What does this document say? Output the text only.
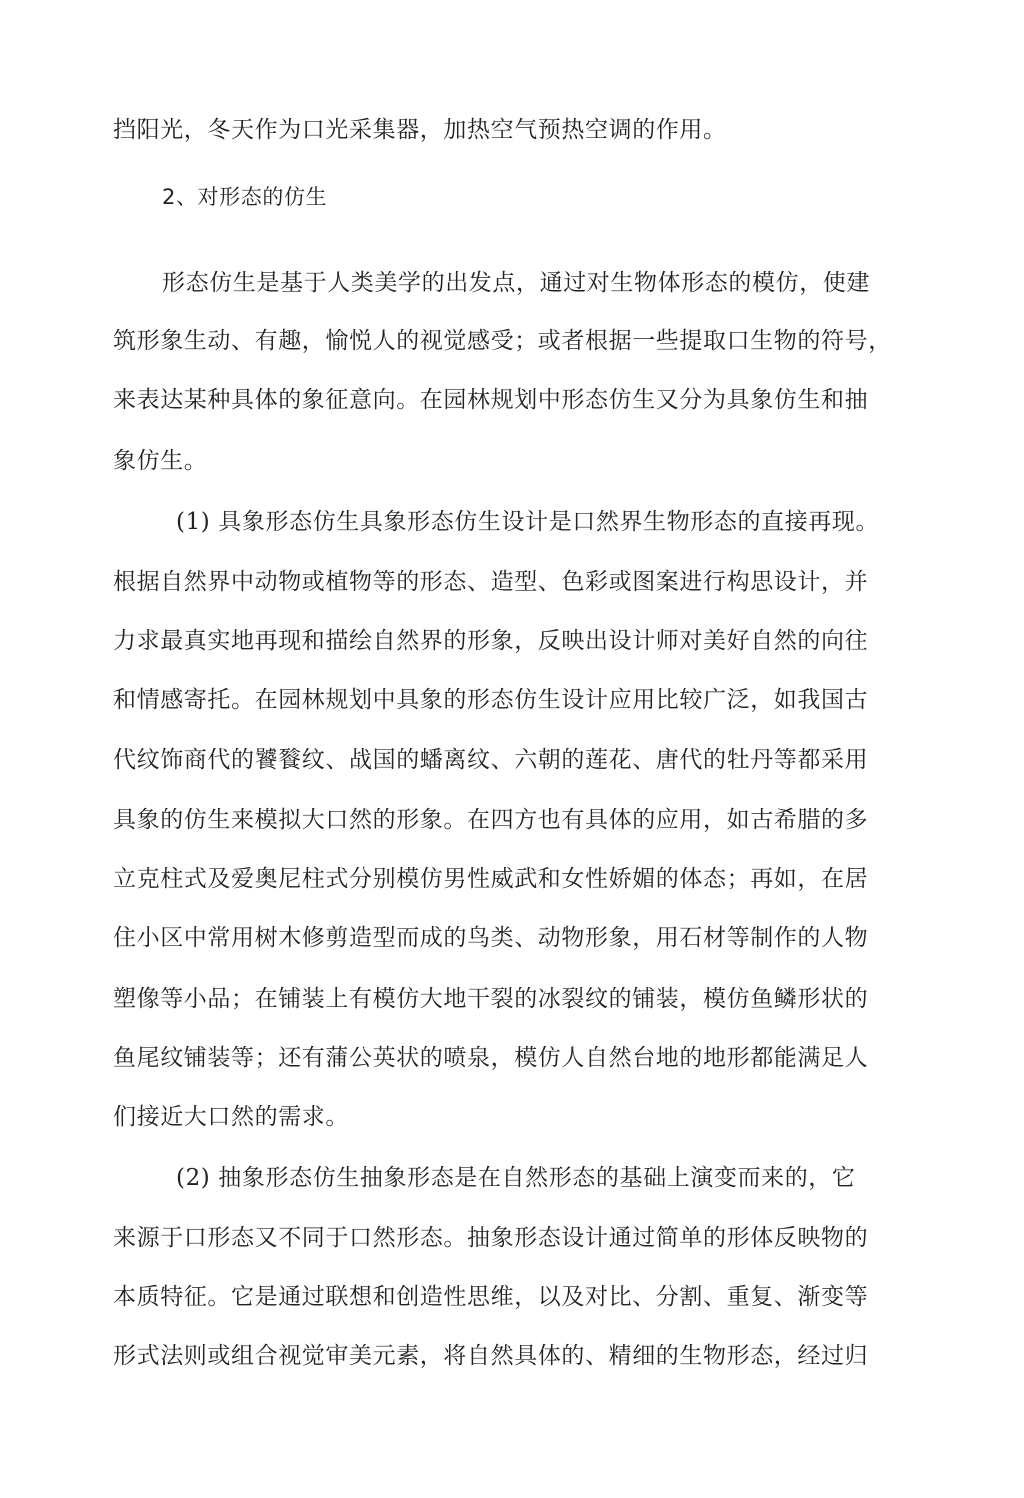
挡阳光，冬天作为口光采集器，加热空气预热空调的作用。
2、对形态的仿生
形态仿生是基于人类美学的出发点，通过对生物体形态的模仿，使建
筑形象生动、有趣，愉悦人的视觉感受；或者根据一些提取口生物的符号，
来表达某种具体的象征意向。在园林规划中形态仿生又分为具象仿生和抽
象仿生。
(1) 具象形态仿生具象形态仿生设计是口然界生物形态的直接再现。
根据自然界中动物或植物等的形态、造型、色彩或图案进行构思设计，并
力求最真实地再现和描绘自然界的形象，反映出设计师对美好自然的向往
和情感寄托。在园林规划中具象的形态仿生设计应用比较广泛，如我国古
代纹饰商代的饕餮纹、战国的蟠离纹、六朝的莲花、唐代的牡丹等都采用
具象的仿生来模拟大口然的形象。在四方也有具体的应用，如古希腊的多
立克柱式及爱奥尼柱式分别模仿男性威武和女性娇媚的体态；再如，在居
住小区中常用树木修剪造型而成的鸟类、动物形象，用石材等制作的人物
塑像等小品；在铺装上有模仿大地干裂的冰裂纹的铺装，模仿鱼鳞形状的
鱼尾纹铺装等；还有蒲公英状的喷泉，模仿人自然台地的地形都能满足人
们接近大口然的需求。
(2) 抽象形态仿生抽象形态是在自然形态的基础上演变而来的，它
来源于口形态又不同于口然形态。抽象形态设计通过简单的形体反映物的
本质特征。它是通过联想和创造性思维，以及对比、分割、重复、渐变等
形式法则或组合视觉审美元素，将自然具体的、精细的生物形态，经过归
